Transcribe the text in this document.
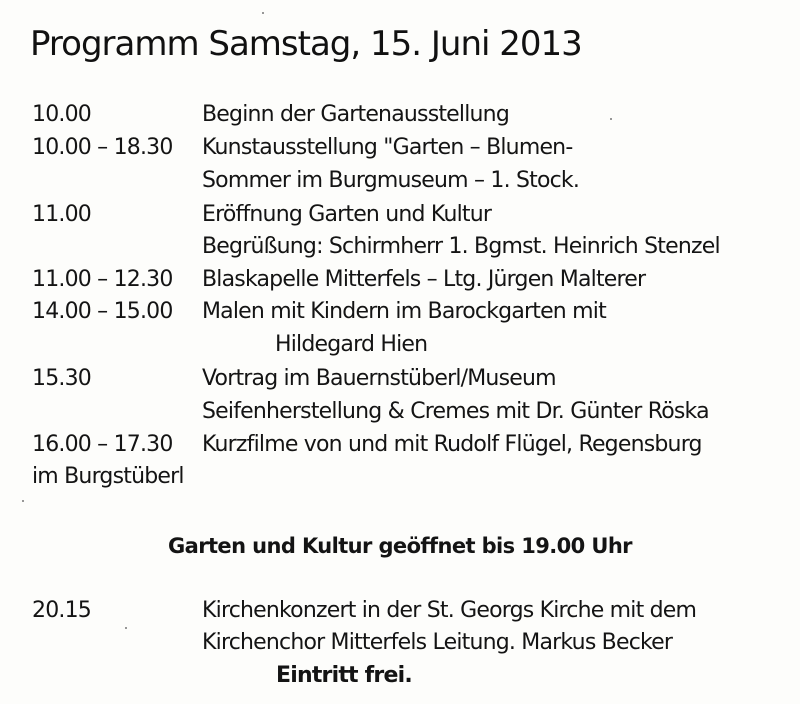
Programm Samstag, 15. Juni 2013
10.00	Beginn der Gartenausstellung
10.00 – 18.30 Kunstausstellung "Garten – Blumen-
Sommer im Burgmuseum – 1. Stock.
11.00	Eröffnung Garten und Kultur
Begrüßung: Schirmherr 1. Bgmst. Heinrich Stenzel
11.00 – 12.30 Blaskapelle Mitterfels – Ltg. Jürgen Malterer
14.00 – 15.00 Malen mit Kindern im Barockgarten mit
Hildegard Hien
15.30	Vortrag im Bauernstüberl/Museum
Seifenherstellung & Cremes mit Dr. Günter Röska
16.00 – 17.30 Kurzfilme von und mit Rudolf Flügel, Regensburg
im Burgstüberl
Garten und Kultur geöffnet bis 19.00 Uhr
20.15	Kirchenkonzert in der St. Georgs Kirche mit dem
Kirchenchor Mitterfels Leitung. Markus Becker
Eintritt frei.
